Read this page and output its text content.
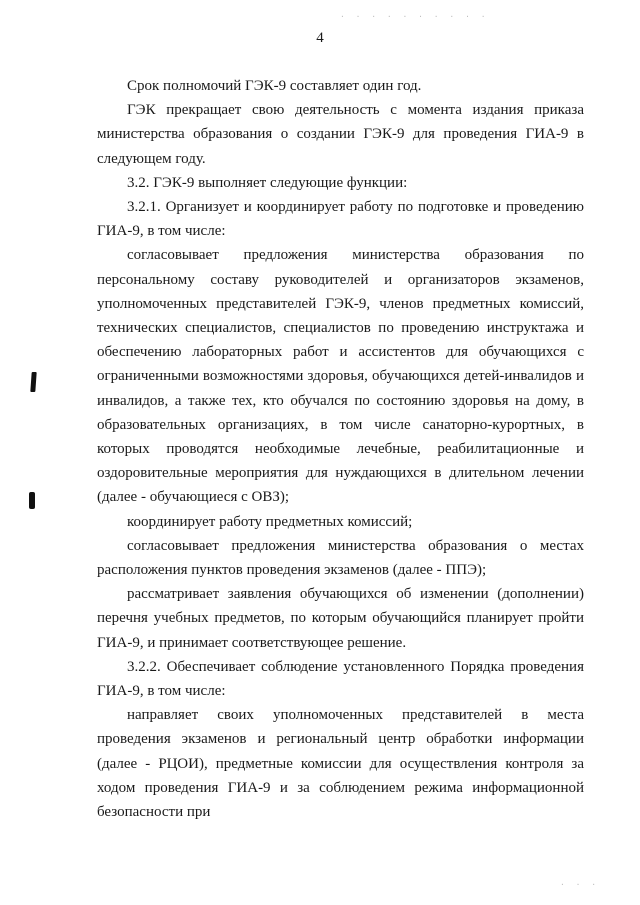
· · · · · · · · · ·
4

Срок полномочий ГЭК-9 составляет один год.

ГЭК прекращает свою деятельность с момента издания приказа министерства образования о создании ГЭК-9 для проведения ГИА-9 в следующем году.

3.2. ГЭК-9 выполняет следующие функции:

3.2.1. Организует и координирует работу по подготовке и проведению ГИА-9, в том числе:

согласовывает предложения министерства образования по персональному составу руководителей и организаторов экзаменов, уполномоченных представителей ГЭК-9, членов предметных комиссий, технических специалистов, специалистов по проведению инструктажа и обеспечению лабораторных работ и ассистентов для обучающихся с ограниченными возможностями здоровья, обучающихся детей-инвалидов и инвалидов, а также тех, кто обучался по состоянию здоровья на дому, в образовательных организациях, в том числе санаторно-курортных, в которых проводятся необходимые лечебные, реабилитационные и оздоровительные мероприятия для нуждающихся в длительном лечении (далее - обучающиеся с ОВЗ);

координирует работу предметных комиссий;

согласовывает предложения министерства образования о местах расположения пунктов проведения экзаменов (далее - ППЭ);

рассматривает заявления обучающихся об изменении (дополнении) перечня учебных предметов, по которым обучающийся планирует пройти ГИА-9, и принимает соответствующее решение.

3.2.2. Обеспечивает соблюдение установленного Порядка проведения ГИА-9, в том числе:

направляет своих уполномоченных представителей в места проведения экзаменов и региональный центр обработки информации (далее - РЦОИ), предметные комиссии для осуществления контроля за ходом проведения ГИА-9 и за соблюдением режима информационной безопасности при

· · ·
